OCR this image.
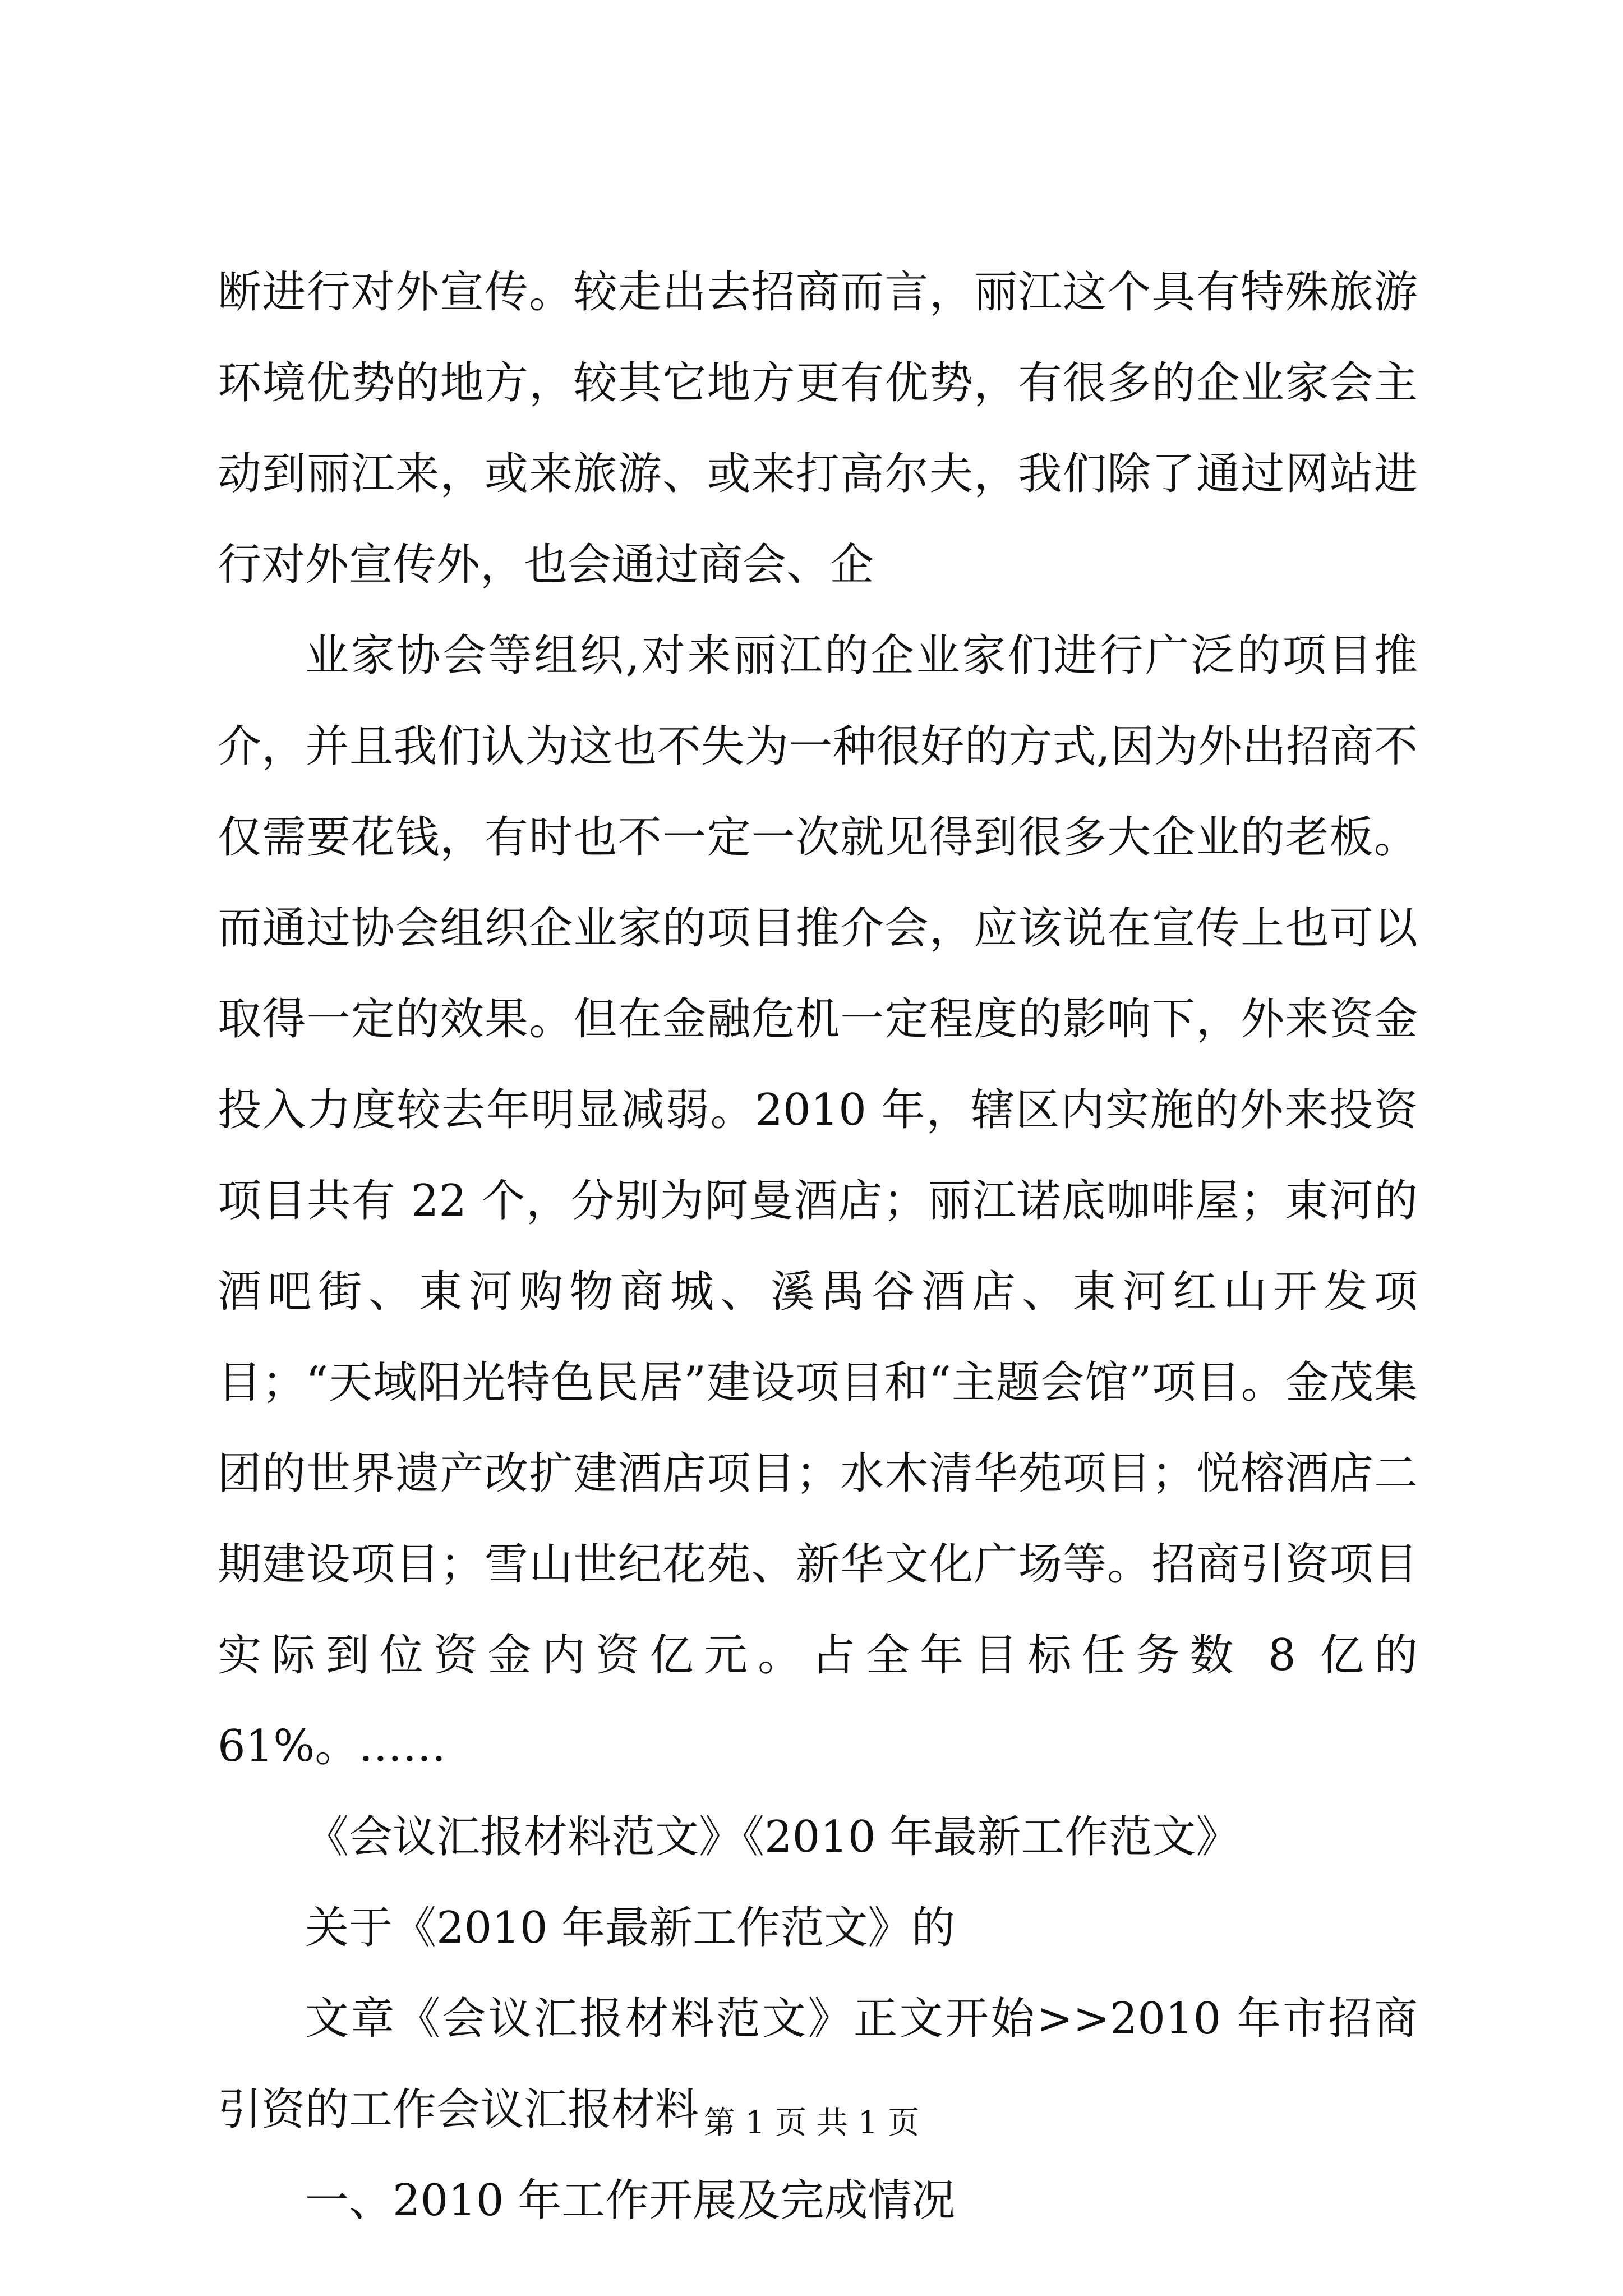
断进行对外宣传。较走出去招商而言，丽江这个具有特殊旅游环境优势的地方，较其它地方更有优势，有很多的企业家会主动到丽江来，或来旅游、或来打高尔夫，我们除了通过网站进行对外宣传外，也会通过商会、企

业家协会等组织,对来丽江的企业家们进行广泛的项目推介，并且我们认为这也不失为一种很好的方式,因为外出招商不仅需要花钱，有时也不一定一次就见得到很多大企业的老板。而通过协会组织企业家的项目推介会，应该说在宣传上也可以取得一定的效果。但在金融危机一定程度的影响下，外来资金投入力度较去年明显减弱。2010 年，辖区内实施的外来投资项目共有 22 个，分别为阿曼酒店；丽江诺底咖啡屋；東河的酒吧街、東河购物商城、溪禺谷酒店、東河红山开发项目；“天域阳光特色民居”建设项目和“主题会馆”项目。金茂集团的世界遗产改扩建酒店项目；水木清华苑项目；悦榕酒店二期建设项目；雪山世纪花苑、新华文化广场等。招商引资项目实际到位资金内资亿元。占全年目标任务数 8 亿的 61%。……

《会议汇报材料范文》《2010 年最新工作范文》

关于《2010 年最新工作范文》的

文章《会议汇报材料范文》正文开始>>2010 年市招商引资的工作会议汇报材料

一、2010 年工作开展及完成情况

第 1 页 共 1 页
